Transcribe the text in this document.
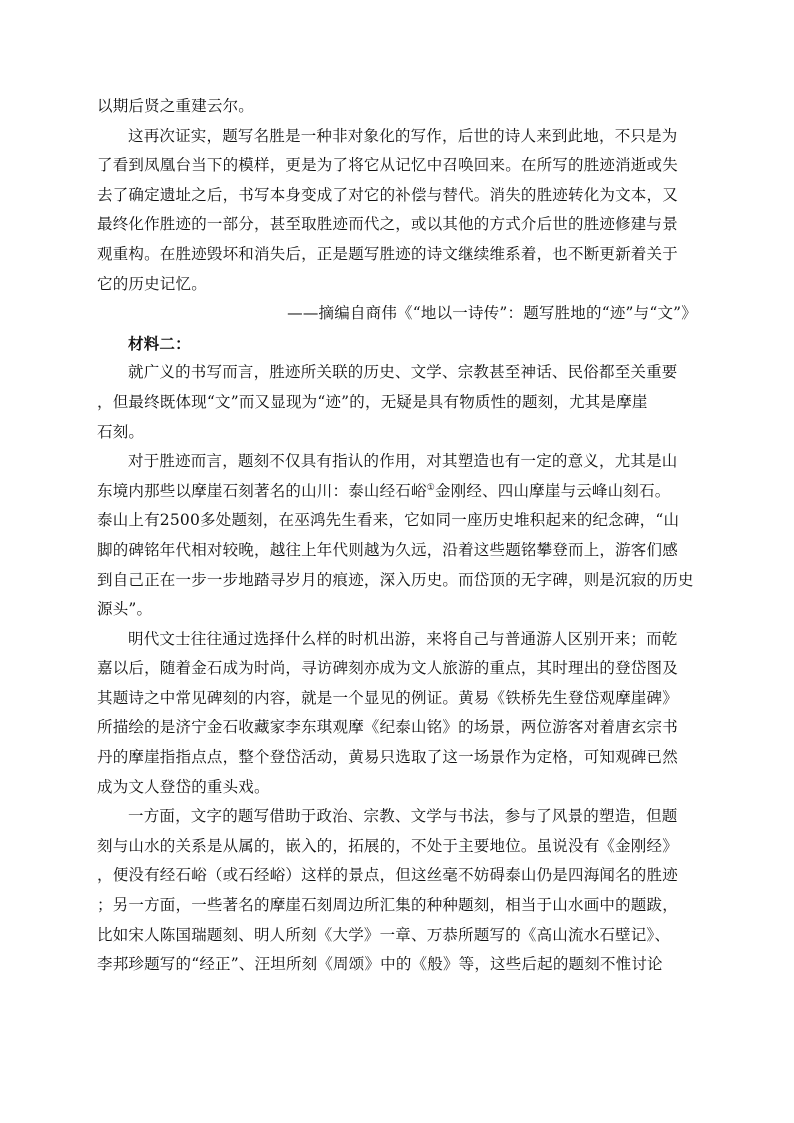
以期后贤之重建云尔。
这再次证实，题写名胜是一种非对象化的写作，后世的诗人来到此地，不只是为
了看到凤凰台当下的模样，更是为了将它从记忆中召唤回来。在所写的胜迹消逝或失
去了确定遗址之后，书写本身变成了对它的补偿与替代。消失的胜迹转化为文本，又
最终化作胜迹的一部分，甚至取胜迹而代之，或以其他的方式介后世的胜迹修建与景
观重构。在胜迹毁坏和消失后，正是题写胜迹的诗文继续维系着，也不断更新着关于
它的历史记忆。
——摘编自商伟《“地以一诗传”：题写胜地的“迹”与“文”》
材料二：
就广义的书写而言，胜迹所关联的历史、文学、宗教甚至神话、民俗都至关重要
，但最终既体现“文”而又显现为“迹”的，无疑是具有物质性的题刻，尤其是摩崖
石刻。
对于胜迹而言，题刻不仅具有指认的作用，对其塑造也有一定的意义，尤其是山
东境内那些以摩崖石刻著名的山川：泰山经石峪①金刚经、四山摩崖与云峰山刻石。
泰山上有2500多处题刻，在巫鸿先生看来，它如同一座历史堆积起来的纪念碑，“山
脚的碑铭年代相对较晚，越往上年代则越为久远，沿着这些题铭攀登而上，游客们感
到自己正在一步一步地踏寻岁月的痕迹，深入历史。而岱顶的无字碑，则是沉寂的历史
源头”。
明代文士往往通过选择什么样的时机出游，来将自己与普通游人区别开来；而乾
嘉以后，随着金石成为时尚，寻访碑刻亦成为文人旅游的重点，其时理出的登岱图及
其题诗之中常见碑刻的内容，就是一个显见的例证。黄易《铁桥先生登岱观摩崖碑》
所描绘的是济宁金石收藏家李东琪观摩《纪泰山铭》的场景，两位游客对着唐玄宗书
丹的摩崖指指点点，整个登岱活动，黄易只选取了这一场景作为定格，可知观碑已然
成为文人登岱的重头戏。
一方面，文字的题写借助于政治、宗教、文学与书法，参与了风景的塑造，但题
刻与山水的关系是从属的，嵌入的，拓展的，不处于主要地位。虽说没有《金刚经》
，便没有经石峪（或石经峪）这样的景点，但这丝毫不妨碍泰山仍是四海闻名的胜迹
；另一方面，一些著名的摩崖石刻周边所汇集的种种题刻，相当于山水画中的题跋，
比如宋人陈国瑞题刻、明人所刻《大学》一章、万恭所题写的《高山流水石壁记》、
李邦珍题写的“经正”、汪坦所刻《周颂》中的《般》等，这些后起的题刻不惟讨论
